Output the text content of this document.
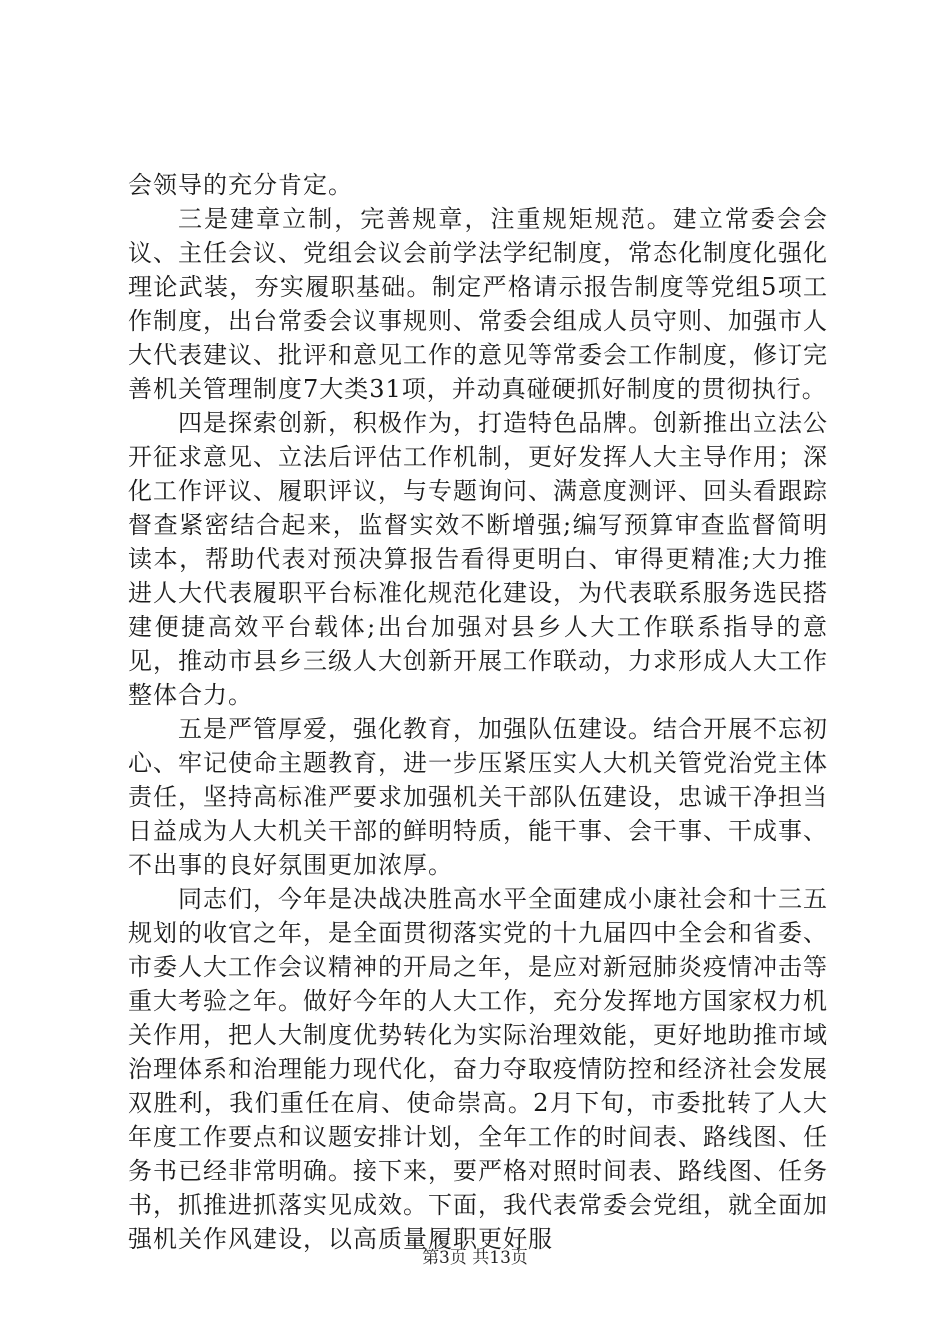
会领导的充分肯定。

三是建章立制，完善规章，注重规矩规范。建立常委会会议、主任会议、党组会议会前学法学纪制度，常态化制度化强化理论武装，夯实履职基础。制定严格请示报告制度等党组5项工作制度，出台常委会议事规则、常委会组成人员守则、加强市人大代表建议、批评和意见工作的意见等常委会工作制度，修订完善机关管理制度7大类31项，并动真碰硬抓好制度的贯彻执行。

四是探索创新，积极作为，打造特色品牌。创新推出立法公开征求意见、立法后评估工作机制，更好发挥人大主导作用；深化工作评议、履职评议，与专题询问、满意度测评、回头看跟踪督查紧密结合起来，监督实效不断增强;编写预算审查监督简明读本，帮助代表对预决算报告看得更明白、审得更精准;大力推进人大代表履职平台标准化规范化建设，为代表联系服务选民搭建便捷高效平台载体;出台加强对县乡人大工作联系指导的意见，推动市县乡三级人大创新开展工作联动，力求形成人大工作整体合力。

五是严管厚爱，强化教育，加强队伍建设。结合开展不忘初心、牢记使命主题教育，进一步压紧压实人大机关管党治党主体责任，坚持高标准严要求加强机关干部队伍建设，忠诚干净担当日益成为人大机关干部的鲜明特质，能干事、会干事、干成事、不出事的良好氛围更加浓厚。

同志们，今年是决战决胜高水平全面建成小康社会和十三五规划的收官之年，是全面贯彻落实党的十九届四中全会和省委、市委人大工作会议精神的开局之年，是应对新冠肺炎疫情冲击等重大考验之年。做好今年的人大工作，充分发挥地方国家权力机关作用，把人大制度优势转化为实际治理效能，更好地助推市域治理体系和治理能力现代化，奋力夺取疫情防控和经济社会发展双胜利，我们重任在肩、使命崇高。2月下旬，市委批转了人大年度工作要点和议题安排计划，全年工作的时间表、路线图、任务书已经非常明确。接下来，要严格对照时间表、路线图、任务书，抓推进抓落实见成效。下面，我代表常委会党组，就全面加强机关作风建设，以高质量履职更好服

第3页 共13页
